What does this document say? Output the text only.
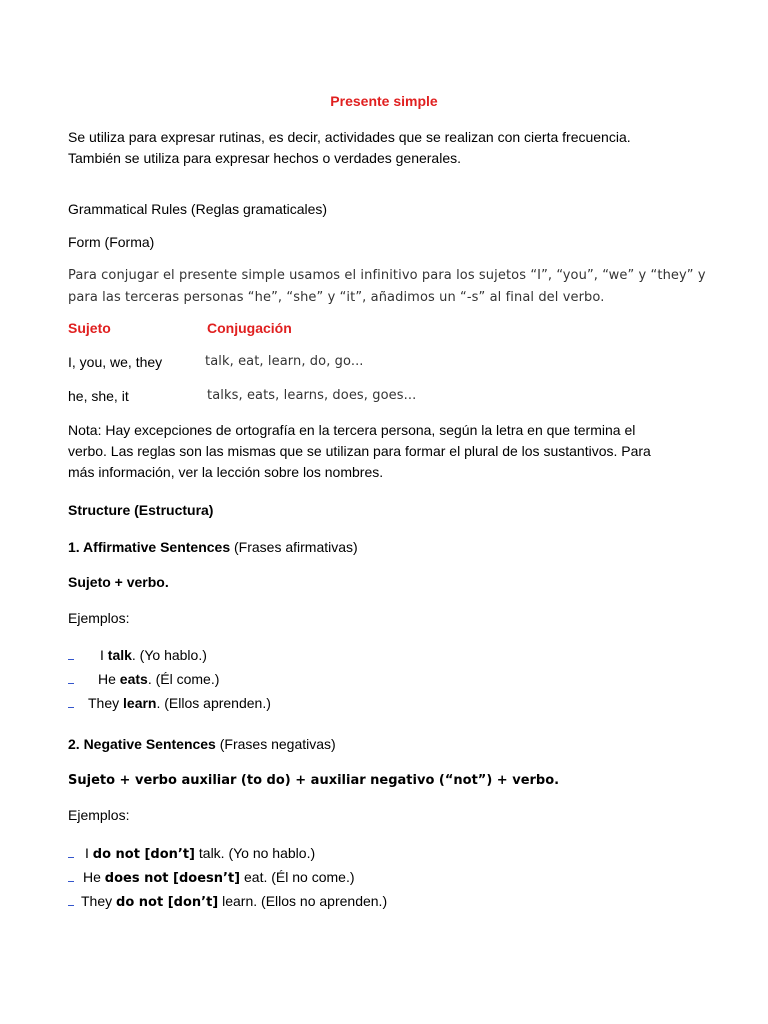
Presente simple
Se utiliza para expresar rutinas, es decir, actividades que se realizan con cierta frecuencia.
También se utiliza para expresar hechos o verdades generales.
Grammatical Rules (Reglas gramaticales)
Form (Forma)
Para conjugar el presente simple usamos el infinitivo para los sujetos “I”, “you”, “we” y “they” y
para las terceras personas “he”, “she” y “it”, añadimos un “-s” al final del verbo.
Sujeto	Conjugación
I, you, we, they	talk, eat, learn, do, go...
he, she, it	talks, eats, learns, does, goes...
Nota: Hay excepciones de ortografía en la tercera persona, según la letra en que termina el
verbo. Las reglas son las mismas que se utilizan para formar el plural de los sustantivos. Para
más información, ver la lección sobre los nombres.
Structure (Estructura)
1. Affirmative Sentences (Frases afirmativas)
Sujeto + verbo.
Ejemplos:
I talk. (Yo hablo.)
He eats. (Él come.)
They learn. (Ellos aprenden.)
2. Negative Sentences (Frases negativas)
Sujeto + verbo auxiliar (to do) + auxiliar negativo (“not”) + verbo.
Ejemplos:
I do not [don’t] talk. (Yo no hablo.)
He does not [doesn’t] eat. (Él no come.)
They do not [don’t] learn. (Ellos no aprenden.)
